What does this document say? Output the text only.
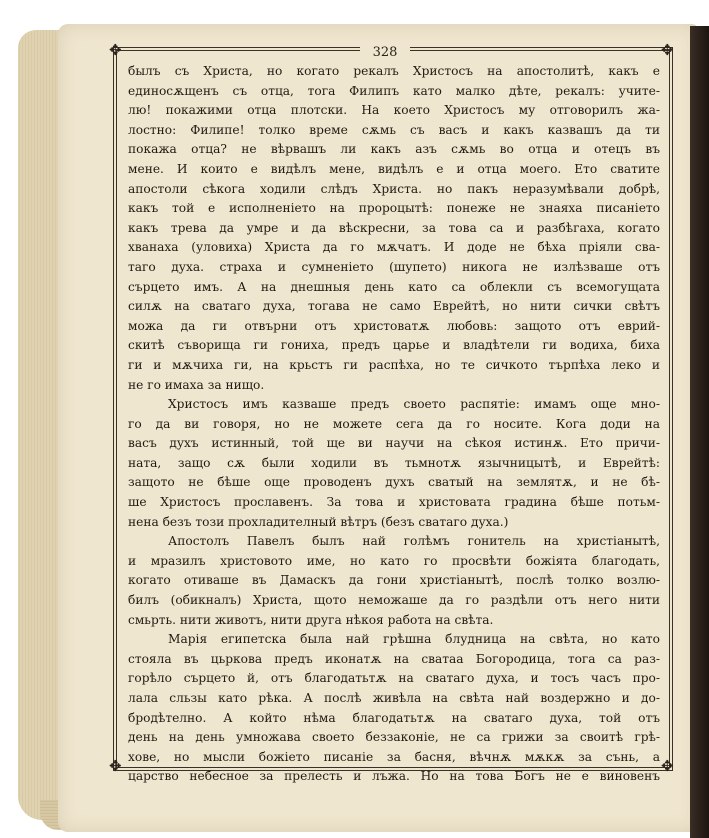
✥	✥
✥	✥
328
былъ съ Христа, но когато рекалъ Христосъ на апостолитѣ, какъ е
единосѫщенъ съ отца, тога Филипъ като малко дѣте, рекалъ: учите-
лю! покажими отца плотски. На което Христосъ му отговорилъ жа-
лостно: Филипе! толко време сѫмь съ васъ и какъ казвашъ да ти
покажа отца? не вѣрвашъ ли какъ азъ сѫмь во отца и отецъ въ
мене. И които е видѣлъ мене, видѣлъ е и отца моего. Ето сватите
апостоли сѣкога ходили слѣдъ Христа. но пакъ неразумѣвали добрѣ,
какъ той е исполненiето на пророцытѣ: понеже не знаяха писанiето
какъ трева да умре и да вѣскресни, за това са и разбѣгаха, когато
хванаха (уловиха) Христа да го мѫчатъ. И доде не бѣха прiяли сва-
таго духа. страха и сумненiето (шупето) никога не излѣзваше отъ
сърцето имъ. А на днешныя день като са облекли съ всемогущата
силѫ на сватаго духа, тогава не само Еврейтѣ, но нити сички свѣтъ
можа да ги отвърни отъ христоватѫ любовь: защото отъ еврий-
скитѣ съворища ги гониха, предъ царье и владѣтели ги водиха, биха
ги и мѫчиха ги, на крьстъ ги распѣха, но те сичкото търпѣха леко и
не го имаха за нищо.
Христосъ имъ казваше предъ своето распятiе: имамъ още мно-
го да ви говоря, но не можете сега да го носите. Кога доди на
васъ духъ истинный, той ще ви научи на сѣкоя истинѫ. Ето причи-
ната, защо сѫ были ходили въ тьмнотѫ язычницытѣ, и Еврейтѣ:
защото не бѣше още проводенъ духъ сватый на землятѫ, и не бѣ-
ше Христосъ прославенъ. За това и христовата градина бѣше потьм-
нена безъ този прохладителный вѣтръ (безъ сватаго духа.)
Апостолъ Павелъ былъ най голѣмъ гонитель на христiанытѣ,
и мразилъ христовото име, но като го просвѣти божiята благодать,
когато отиваше въ Дамаскъ да гони христiанытѣ, послѣ толко возлю-
билъ (обикналъ) Христа, щото неможаше да го раздѣли отъ него нити
смьрть. нити животъ, нити друга нѣкоя работа на свѣта.
Марiя египетска была най грѣшна блудница на свѣта, но като
стояла въ цьркова предъ иконатѫ на сватаа Богородица, тога са раз-
горѣло сърцето й, отъ благодатьтѫ на сватаго духа, и тосъ часъ про-
лала сльзы като рѣка. А послѣ живѣла на свѣта най воздержно и до-
бродѣтелно. А който нѣма благодатьтѫ на сватаго духа, той отъ
день на день умножава своето беззаконiе, не са грижи за своитѣ грѣ-
хове, но мысли божiето писанiе за басня, вѣчнѫ мѫкѫ за сънь, а
царство небесное за прелесть и лъжа. Но на това Богъ не е виновенъ
